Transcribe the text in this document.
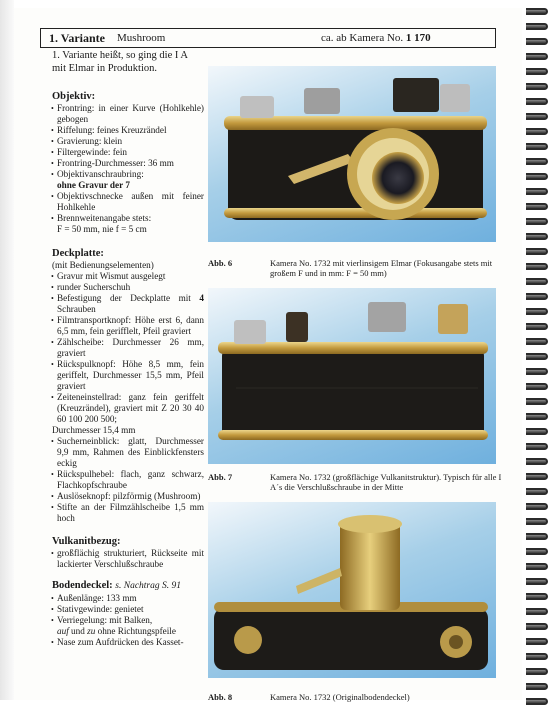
1. Variante Mushroom	ca. ab Kamera No. 1 170

1. Variante heißt, so ging die I A mit Elmar in Produktion.

Objektiv:

• Frontring: in einer Kurve (Hohlkehle) gebogen
• Riffelung: feines Kreuzrändel
• Gravierung: klein
• Filtergewinde: fein
• Frontring-Durchmesser: 36 mm
• Objektivanschraubring:
ohne Gravur der 7
• Objektivschnecke außen mit feiner Hohlkehle
• Brennweitenangabe stets:
F = 50 mm, nie f = 5 cm

Deckplatte:

(mit Bedienungselementen)

• Gravur mit Wismut ausgelegt
• runder Sucherschuh
• Befestigung der Deckplatte mit 4 Schrauben
• Filmtransportknopf: Höhe erst 6, dann 6,5 mm, fein gerifflelt, Pfeil graviert
• Zählscheibe: Durchmesser 26 mm, graviert
• Rückspulknopf: Höhe 8,5 mm, fein geriffelt, Durchmesser 15,5 mm, Pfeil graviert
• Zeiteneinstellrad: ganz fein geriffelt (Kreuzrändel), graviert mit Z 20 30 40 60 100 200 500;
Durchmesser 15,4 mm
• Sucherneinblick: glatt, Durchmesser 9,9 mm, Rahmen des Einblickfensters eckig
• Rückspulhebel: flach, ganz schwarz, Flachkopfschraube
• Auslöseknopf: pilzförmig (Mushroom)
• Stifte an der Filmzählscheibe 1,5 mm hoch

Vulkanitbezug:

• großflächig strukturiert, Rückseite mit lackierter Verschlußschraube

Bodendeckel: s. Nachtrag S. 91

• Außenlänge: 133 mm
• Stativgewinde: genietet
• Verriegelung: mit Balken,
auf und zu ohne Richtungspfeile
• Nase zum Aufdrücken des Kasset-
Abb. 6	Kamera No. 1732 mit vierlinsigem Elmar (Fokusangabe stets mit großem F und in mm: F = 50 mm)
Abb. 7	Kamera No. 1732 (großflächige Vulkanitstruktur). Typisch für alle I A´s die Verschlußschraube in der Mitte
Abb. 8	Kamera No. 1732 (Originalbodendeckel)
